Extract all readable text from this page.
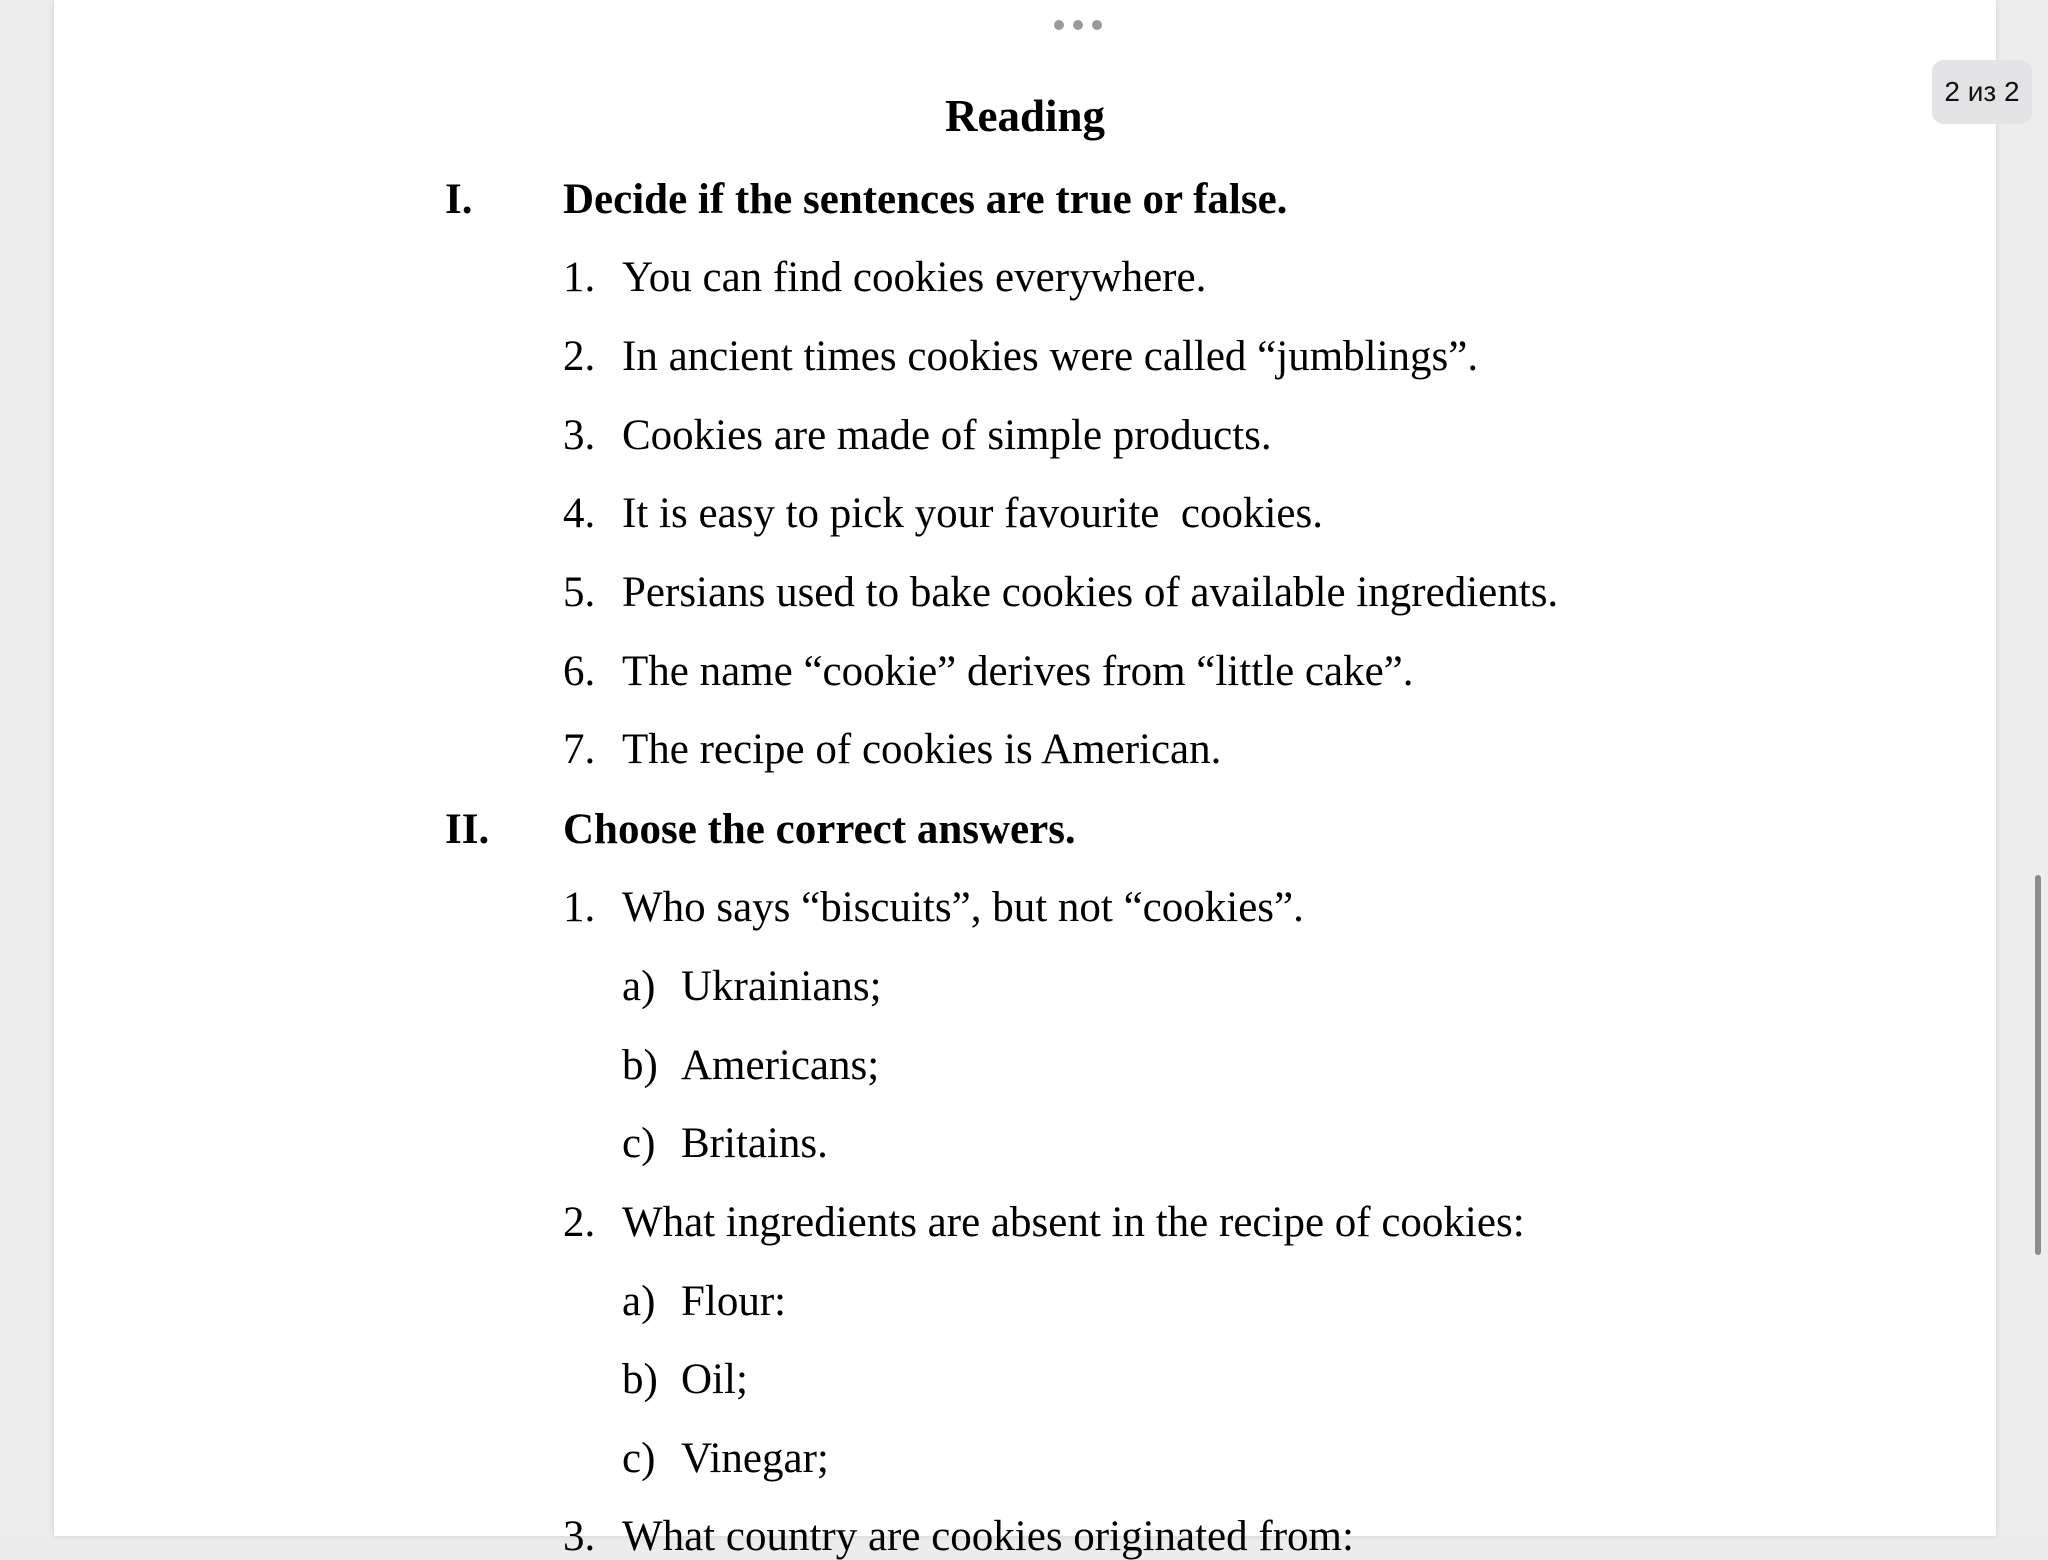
Reading
I. Decide if the sentences are true or false.
1. You can find cookies everywhere.
2. In ancient times cookies were called “jumblings”.
3. Cookies are made of simple products.
4. It is easy to pick your favourite  cookies.
5. Persians used to bake cookies of available ingredients.
6. The name “cookie” derives from “little cake”.
7. The recipe of cookies is American.
II. Choose the correct answers.
1. Who says “biscuits”, but not “cookies”.
a) Ukrainians;
b) Americans;
c) Britains.
2. What ingredients are absent in the recipe of cookies:
a) Flour:
b) Oil;
c) Vinegar;
3. What country are cookies originated from:
2 из 2
